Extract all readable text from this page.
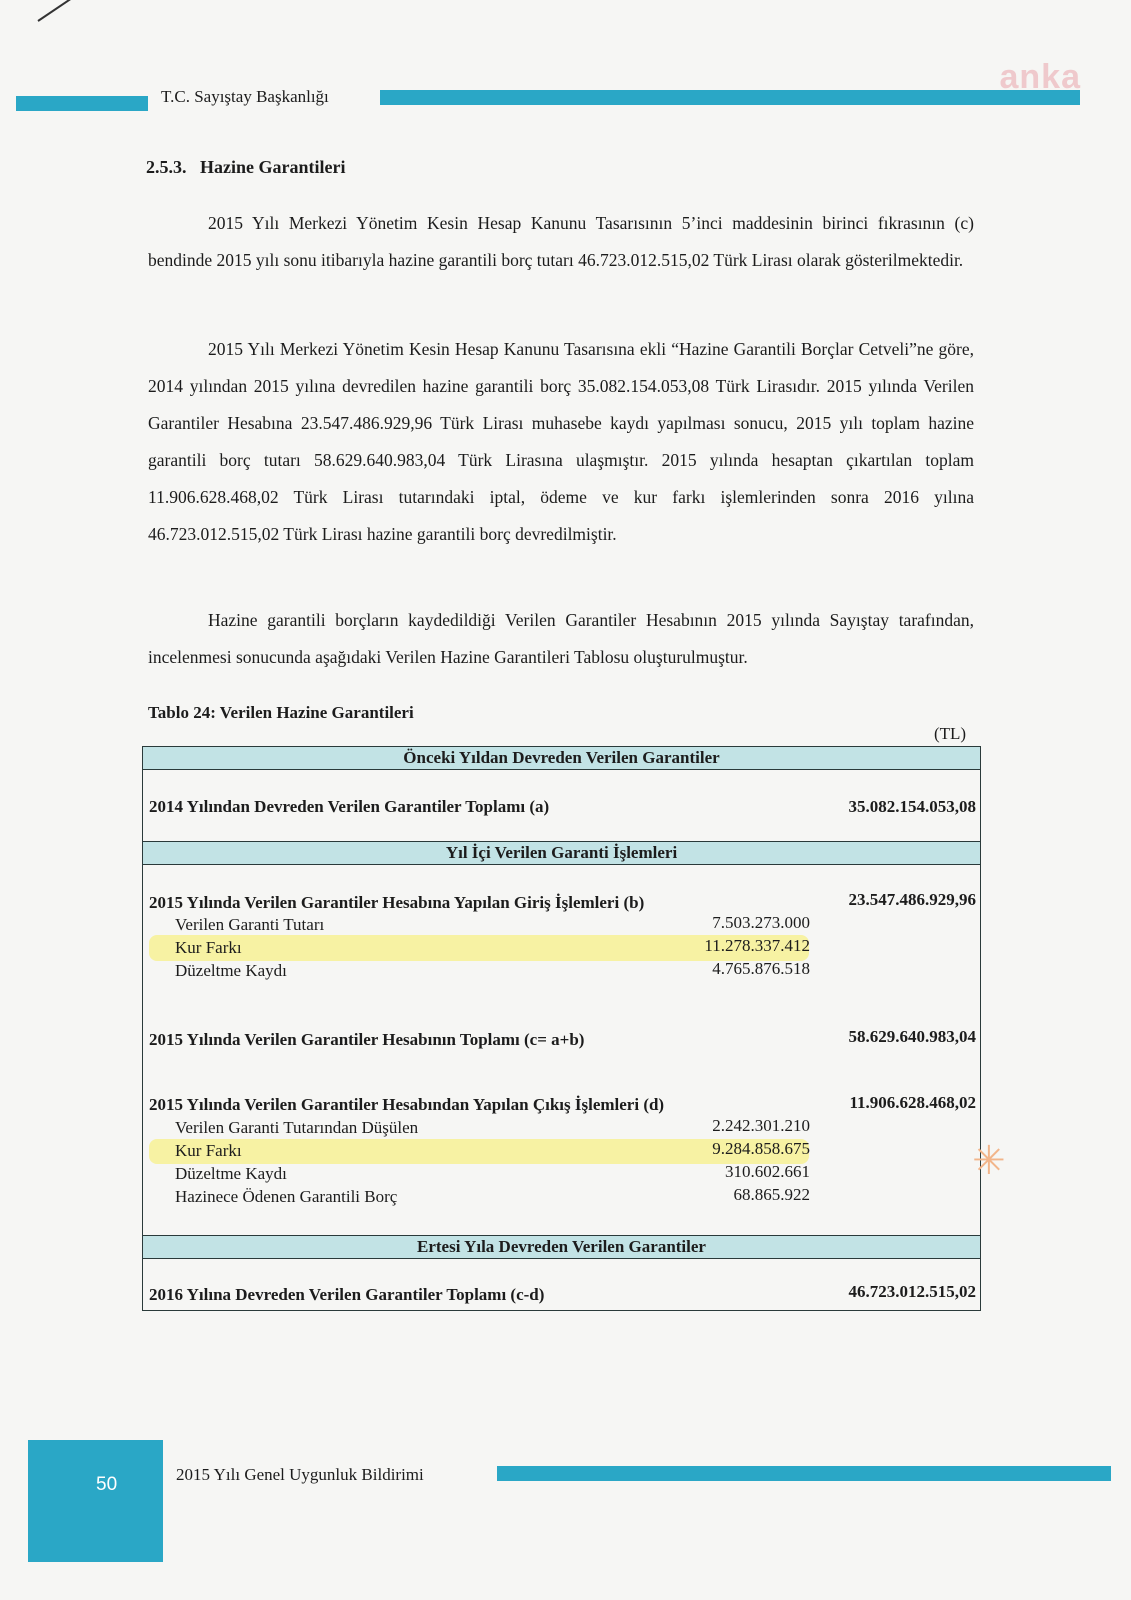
T.C. Sayıştay Başkanlığı
anka
2.5.3. Hazine Garantileri
2015 Yılı Merkezi Yönetim Kesin Hesap Kanunu Tasarısının 5’inci maddesinin birinci fıkrasının (c) bendinde 2015 yılı sonu itibarıyla hazine garantili borç tutarı 46.723.012.515,02 Türk Lirası olarak gösterilmektedir.
2015 Yılı Merkezi Yönetim Kesin Hesap Kanunu Tasarısına ekli “Hazine Garantili Borçlar Cetveli”ne göre, 2014 yılından 2015 yılına devredilen hazine garantili borç 35.082.154.053,08 Türk Lirasıdır. 2015 yılında Verilen Garantiler Hesabına 23.547.486.929,96 Türk Lirası muhasebe kaydı yapılması sonucu, 2015 yılı toplam hazine garantili borç tutarı 58.629.640.983,04 Türk Lirasına ulaşmıştır. 2015 yılında hesaptan çıkartılan toplam 11.906.628.468,02 Türk Lirası tutarındaki iptal, ödeme ve kur farkı işlemlerinden sonra 2016 yılına 46.723.012.515,02 Türk Lirası hazine garantili borç devredilmiştir.
Hazine garantili borçların kaydedildiği Verilen Garantiler Hesabının 2015 yılında Sayıştay tarafından, incelenmesi sonucunda aşağıdaki Verilen Hazine Garantileri Tablosu oluşturulmuştur.
Tablo 24: Verilen Hazine Garantileri
(TL)
Önceki Yıldan Devreden Verilen Garantiler
2014 Yılından Devreden Verilen Garantiler Toplamı (a)	35.082.154.053,08
Yıl İçi Verilen Garanti İşlemleri
2015 Yılında Verilen Garantiler Hesabına Yapılan Giriş İşlemleri (b)	23.547.486.929,96
Verilen Garanti Tutarı	7.503.273.000
Kur Farkı	11.278.337.412
Düzeltme Kaydı	4.765.876.518
2015 Yılında Verilen Garantiler Hesabının Toplamı (c= a+b)	58.629.640.983,04
2015 Yılında Verilen Garantiler Hesabından Yapılan Çıkış İşlemleri (d)	11.906.628.468,02
Verilen Garanti Tutarından Düşülen	2.242.301.210
Kur Farkı	9.284.858.675
Düzeltme Kaydı	310.602.661
Hazinece Ödenen Garantili Borç	68.865.922
Ertesi Yıla Devreden Verilen Garantiler
2016 Yılına Devreden Verilen Garantiler Toplamı (c-d)	46.723.012.515,02
✳
50	2015 Yılı Genel Uygunluk Bildirimi
